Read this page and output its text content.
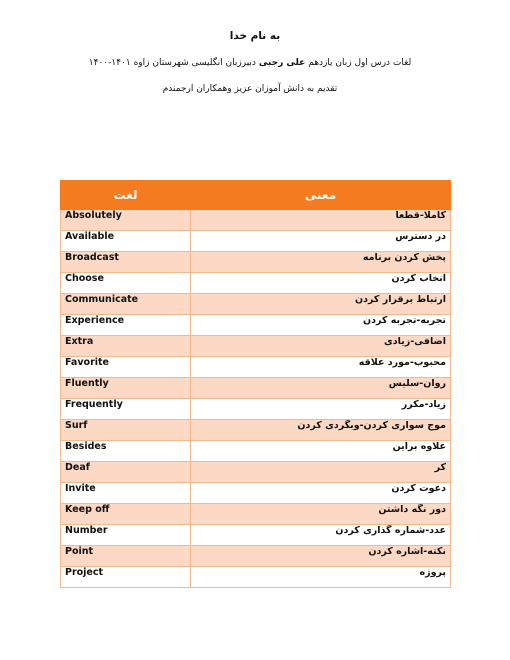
به نام خدا
لغات درس اول زبان یازدهم علی رجبی دبیرزبان انگلیسی شهرستان زاوه ۱۴۰۱-۱۴۰۰
تقدیم به دانش آموزان عزیز وهمکاران ارجمندم
لغت	معنی
Absolutely	کاملا-قطعا
Available	در دسترس
Broadcast	پخش کردن برنامه
Choose	انخاب کردن
Communicate	ارتباط برقرار کردن
Experience	تجربه-تجربه کردن
Extra	اضافی-زیادی
Favorite	محبوب-مورد علاقه
Fluently	روان-سلیس
Frequently	زیاد-مکرر
Surf	موج سواری کردن-وبگردی کردن
Besides	علاوه براین
Deaf	کر
Invite	دعوت کردن
Keep off	دور نگه داشتن
Number	عدد-شماره گذاری کردن
Point	نکته-اشاره کردن
Project	پروژه
